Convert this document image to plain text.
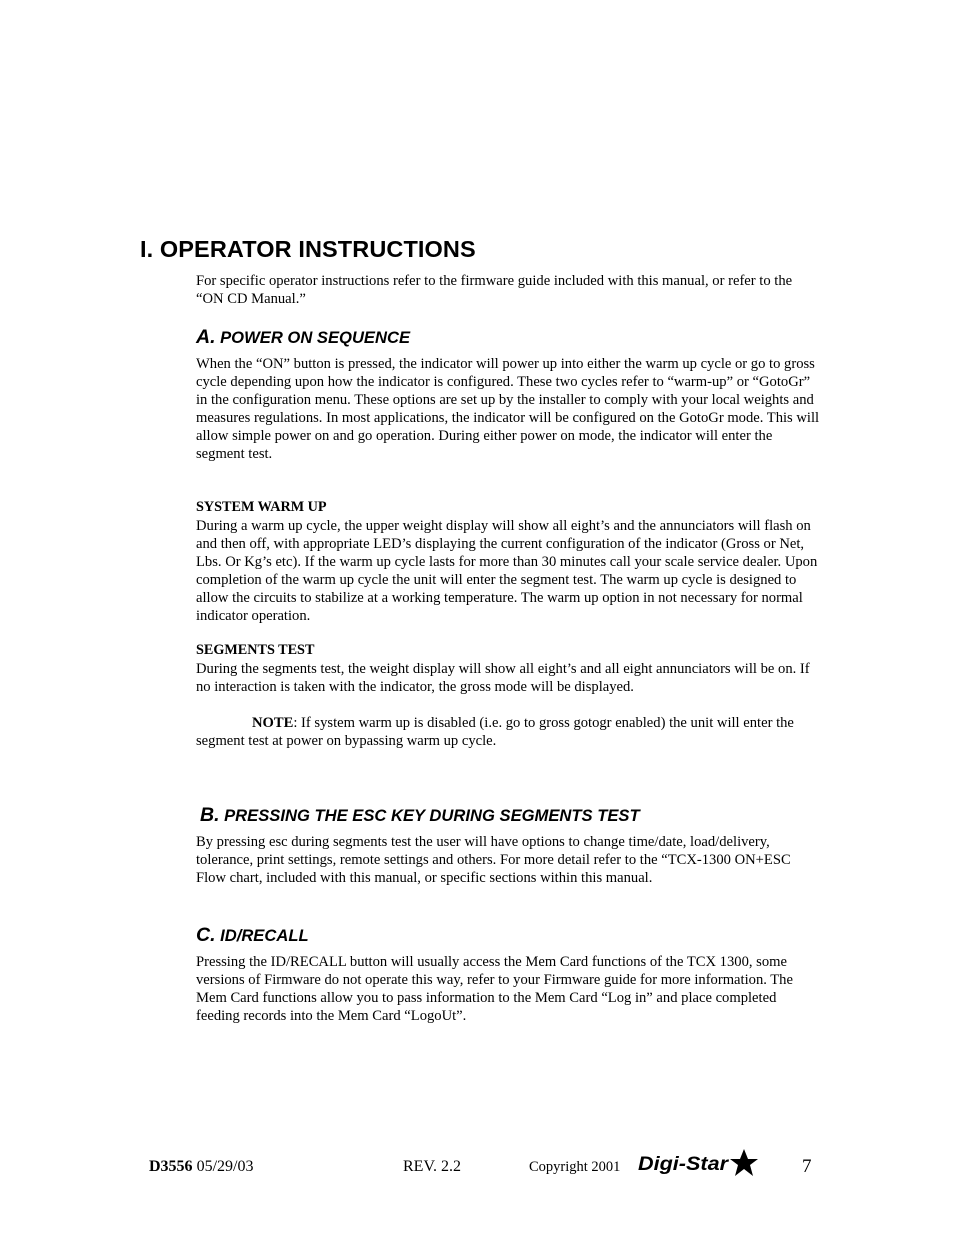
I. OPERATOR INSTRUCTIONS

For specific operator instructions refer to the firmware guide included with this manual, or refer to the “ON CD Manual.”

A. POWER ON SEQUENCE

When the “ON” button is pressed, the indicator will power up into either the warm up cycle or go to gross cycle depending upon how the indicator is configured. These two cycles refer to “warm-up” or “GotoGr” in the configuration menu. These options are set up by the installer to comply with your local weights and measures regulations. In most applications, the indicator will be configured on the GotoGr mode. This will allow simple power on and go operation. During either power on mode, the indicator will enter the segment test.

SYSTEM WARM UP

During a warm up cycle, the upper weight display will show all eight’s and the annunciators will flash on and then off, with appropriate LED’s displaying the current configuration of the indicator (Gross or Net, Lbs. Or Kg’s etc). If the warm up cycle lasts for more than 30 minutes call your scale service dealer. Upon completion of the warm up cycle the unit will enter the segment test. The warm up cycle is designed to allow the circuits to stabilize at a working temperature. The warm up option in not necessary for normal indicator operation.

SEGMENTS TEST

During the segments test, the weight display will show all eight’s and all eight annunciators will be on. If no interaction is taken with the indicator, the gross mode will be displayed.

NOTE: If system warm up is disabled (i.e. go to gross gotogr enabled) the unit will enter the segment test at power on bypassing warm up cycle.

B. PRESSING THE ESC KEY DURING SEGMENTS TEST

By pressing esc during segments test the user will have options to change time/date, load/delivery, tolerance, print settings, remote settings and others. For more detail refer to the “TCX-1300 ON+ESC Flow chart, included with this manual, or specific sections within this manual.

C. ID/RECALL

Pressing the ID/RECALL button will usually access the Mem Card functions of the TCX 1300, some versions of Firmware do not operate this way, refer to your Firmware guide for more information. The Mem Card functions allow you to pass information to the Mem Card “Log in” and place completed feeding records into the Mem Card “LogoUt”.

D3556 05/29/03	REV. 2.2	Copyright 2001 Digi-Star	7
